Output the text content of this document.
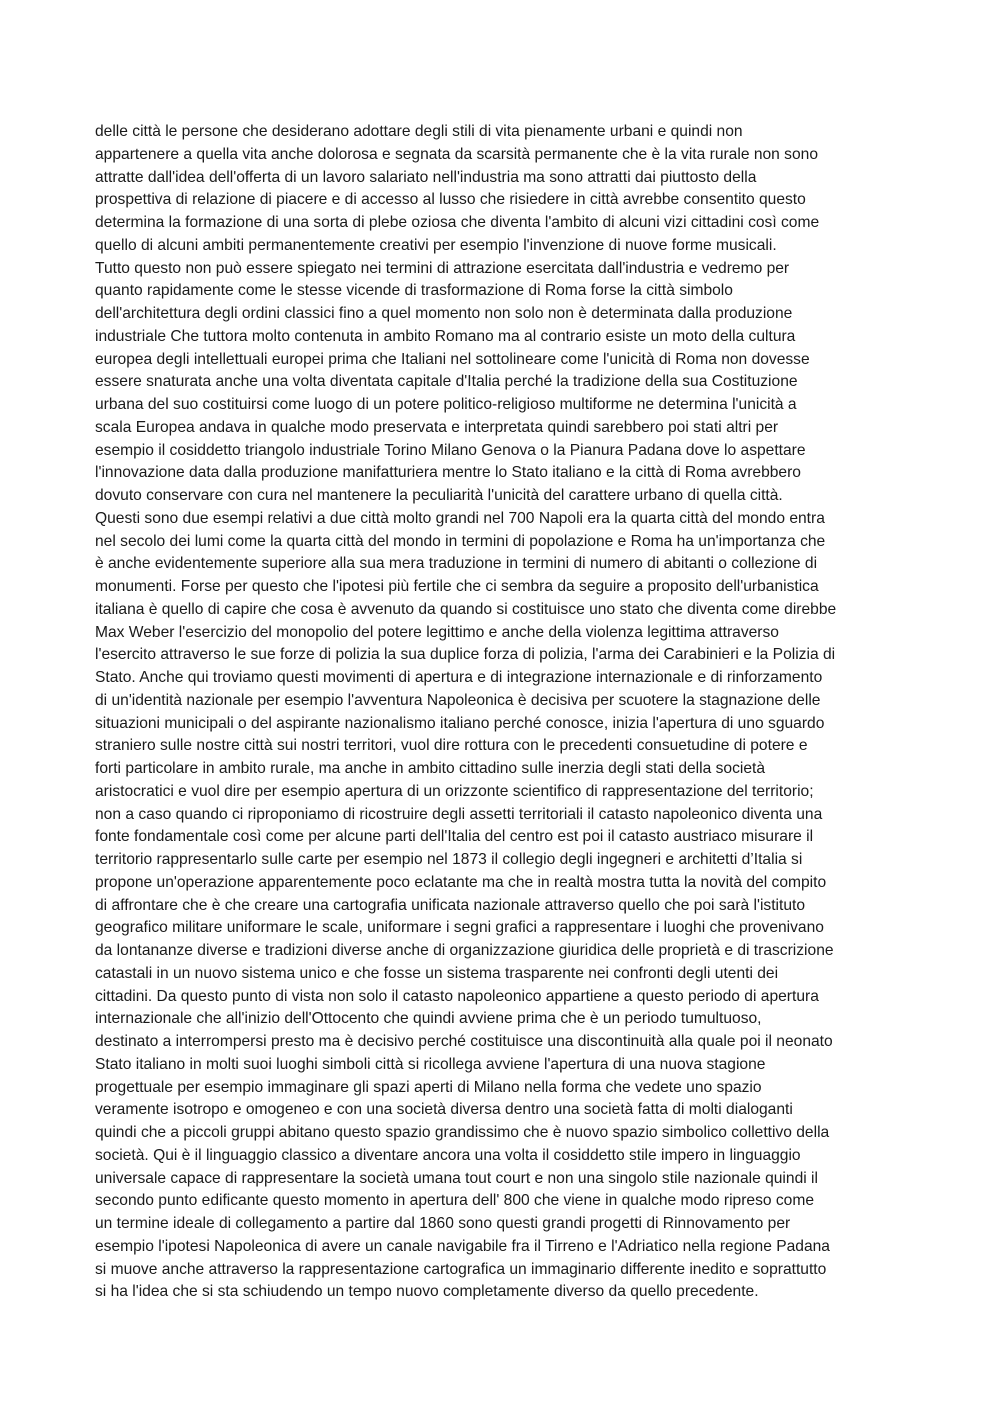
delle città le persone che desiderano adottare degli stili di vita pienamente urbani e quindi non

appartenere a quella vita anche dolorosa e segnata da scarsità permanente che è la vita rurale non sono

attratte dall'idea dell'offerta di un lavoro salariato nell'industria ma sono attratti dai piuttosto della

prospettiva di relazione di piacere e di accesso al lusso che risiedere in città avrebbe consentito questo

determina la formazione di una sorta di plebe oziosa che diventa l'ambito di alcuni vizi cittadini così come

quello di alcuni ambiti permanentemente creativi per esempio l'invenzione di nuove forme musicali.

Tutto questo non può essere spiegato nei termini di attrazione esercitata dall'industria e vedremo per

quanto rapidamente come le stesse vicende di trasformazione di Roma forse la città simbolo

dell'architettura degli ordini classici fino a quel momento non solo non è determinata dalla produzione

industriale Che tuttora molto contenuta in ambito Romano ma al contrario esiste un moto della cultura

europea degli intellettuali europei prima che Italiani nel sottolineare come l'unicità di Roma non dovesse

essere snaturata anche una volta diventata capitale d'Italia perché la tradizione della sua Costituzione

urbana del suo costituirsi come luogo di un potere politico-religioso multiforme ne determina l'unicità a

scala Europea andava in qualche modo preservata e interpretata quindi sarebbero poi stati altri per

esempio il cosiddetto triangolo industriale Torino Milano Genova o la Pianura Padana dove lo aspettare

l'innovazione data dalla produzione manifatturiera mentre lo Stato italiano e la città di Roma avrebbero

dovuto conservare con cura nel mantenere la peculiarità l'unicità del carattere urbano di quella città.

Questi sono due esempi relativi a due città molto grandi nel 700 Napoli era la quarta città del mondo entra

nel secolo dei lumi come la quarta città del mondo in termini di popolazione e Roma ha un'importanza che

è anche evidentemente superiore alla sua mera traduzione in termini di numero di abitanti o collezione di

monumenti. Forse per questo che l'ipotesi più fertile che ci sembra da seguire a proposito dell'urbanistica

italiana è quello di capire che cosa è avvenuto da quando si costituisce uno stato che diventa come direbbe

Max Weber l'esercizio del monopolio del potere legittimo e anche della violenza legittima attraverso

l'esercito attraverso le sue forze di polizia la sua duplice forza di polizia, l'arma dei Carabinieri e la Polizia di

Stato. Anche qui troviamo questi movimenti di apertura e di integrazione internazionale e di rinforzamento

di un'identità nazionale per esempio l'avventura Napoleonica è decisiva per scuotere la stagnazione delle

situazioni municipali o del aspirante nazionalismo italiano perché conosce, inizia l'apertura di uno sguardo

straniero sulle nostre città sui nostri territori, vuol dire rottura con le precedenti consuetudine di potere e

forti particolare in ambito rurale, ma anche in ambito cittadino sulle inerzia degli stati della società

aristocratici e vuol dire per esempio apertura di un orizzonte scientifico di rappresentazione del territorio;

non a caso quando ci riproponiamo di ricostruire degli assetti territoriali il catasto napoleonico diventa una

fonte fondamentale così come per alcune parti dell'Italia del centro est poi il catasto austriaco misurare il

territorio rappresentarlo sulle carte per esempio nel 1873 il collegio degli ingegneri e architetti d’Italia si

propone un'operazione apparentemente poco eclatante ma che in realtà mostra tutta la novità del compito

di affrontare che è che creare una cartografia unificata nazionale attraverso quello che poi sarà l'istituto

geografico militare uniformare le scale, uniformare i segni grafici a rappresentare i luoghi che provenivano

da lontananze diverse e tradizioni diverse anche di organizzazione giuridica delle proprietà e di trascrizione

catastali in un nuovo sistema unico e che fosse un sistema trasparente nei confronti degli utenti dei

cittadini. Da questo punto di vista non solo il catasto napoleonico appartiene a questo periodo di apertura

internazionale che all'inizio dell'Ottocento che quindi avviene prima che è un periodo tumultuoso,

destinato a interrompersi presto ma è decisivo perché costituisce una discontinuità alla quale poi il neonato

Stato italiano in molti suoi luoghi simboli città si ricollega avviene l'apertura di una nuova stagione

progettuale per esempio immaginare gli spazi aperti di Milano nella forma che vedete uno spazio

veramente isotropo e omogeneo e con una società diversa dentro una società fatta di molti dialoganti

quindi che a piccoli gruppi abitano questo spazio grandissimo che è nuovo spazio simbolico collettivo della

società. Qui è il linguaggio classico a diventare ancora una volta il cosiddetto stile impero in linguaggio

universale capace di rappresentare la società umana tout court e non una singolo stile nazionale quindi il

secondo punto edificante questo momento in apertura dell' 800 che viene in qualche modo ripreso come

un termine ideale di collegamento a partire dal 1860 sono questi grandi progetti di Rinnovamento per

esempio l'ipotesi Napoleonica di avere un canale navigabile fra il Tirreno e l'Adriatico nella regione Padana

si muove anche attraverso la rappresentazione cartografica un immaginario differente inedito e soprattutto

si ha l'idea che si sta schiudendo un tempo nuovo completamente diverso da quello precedente.
